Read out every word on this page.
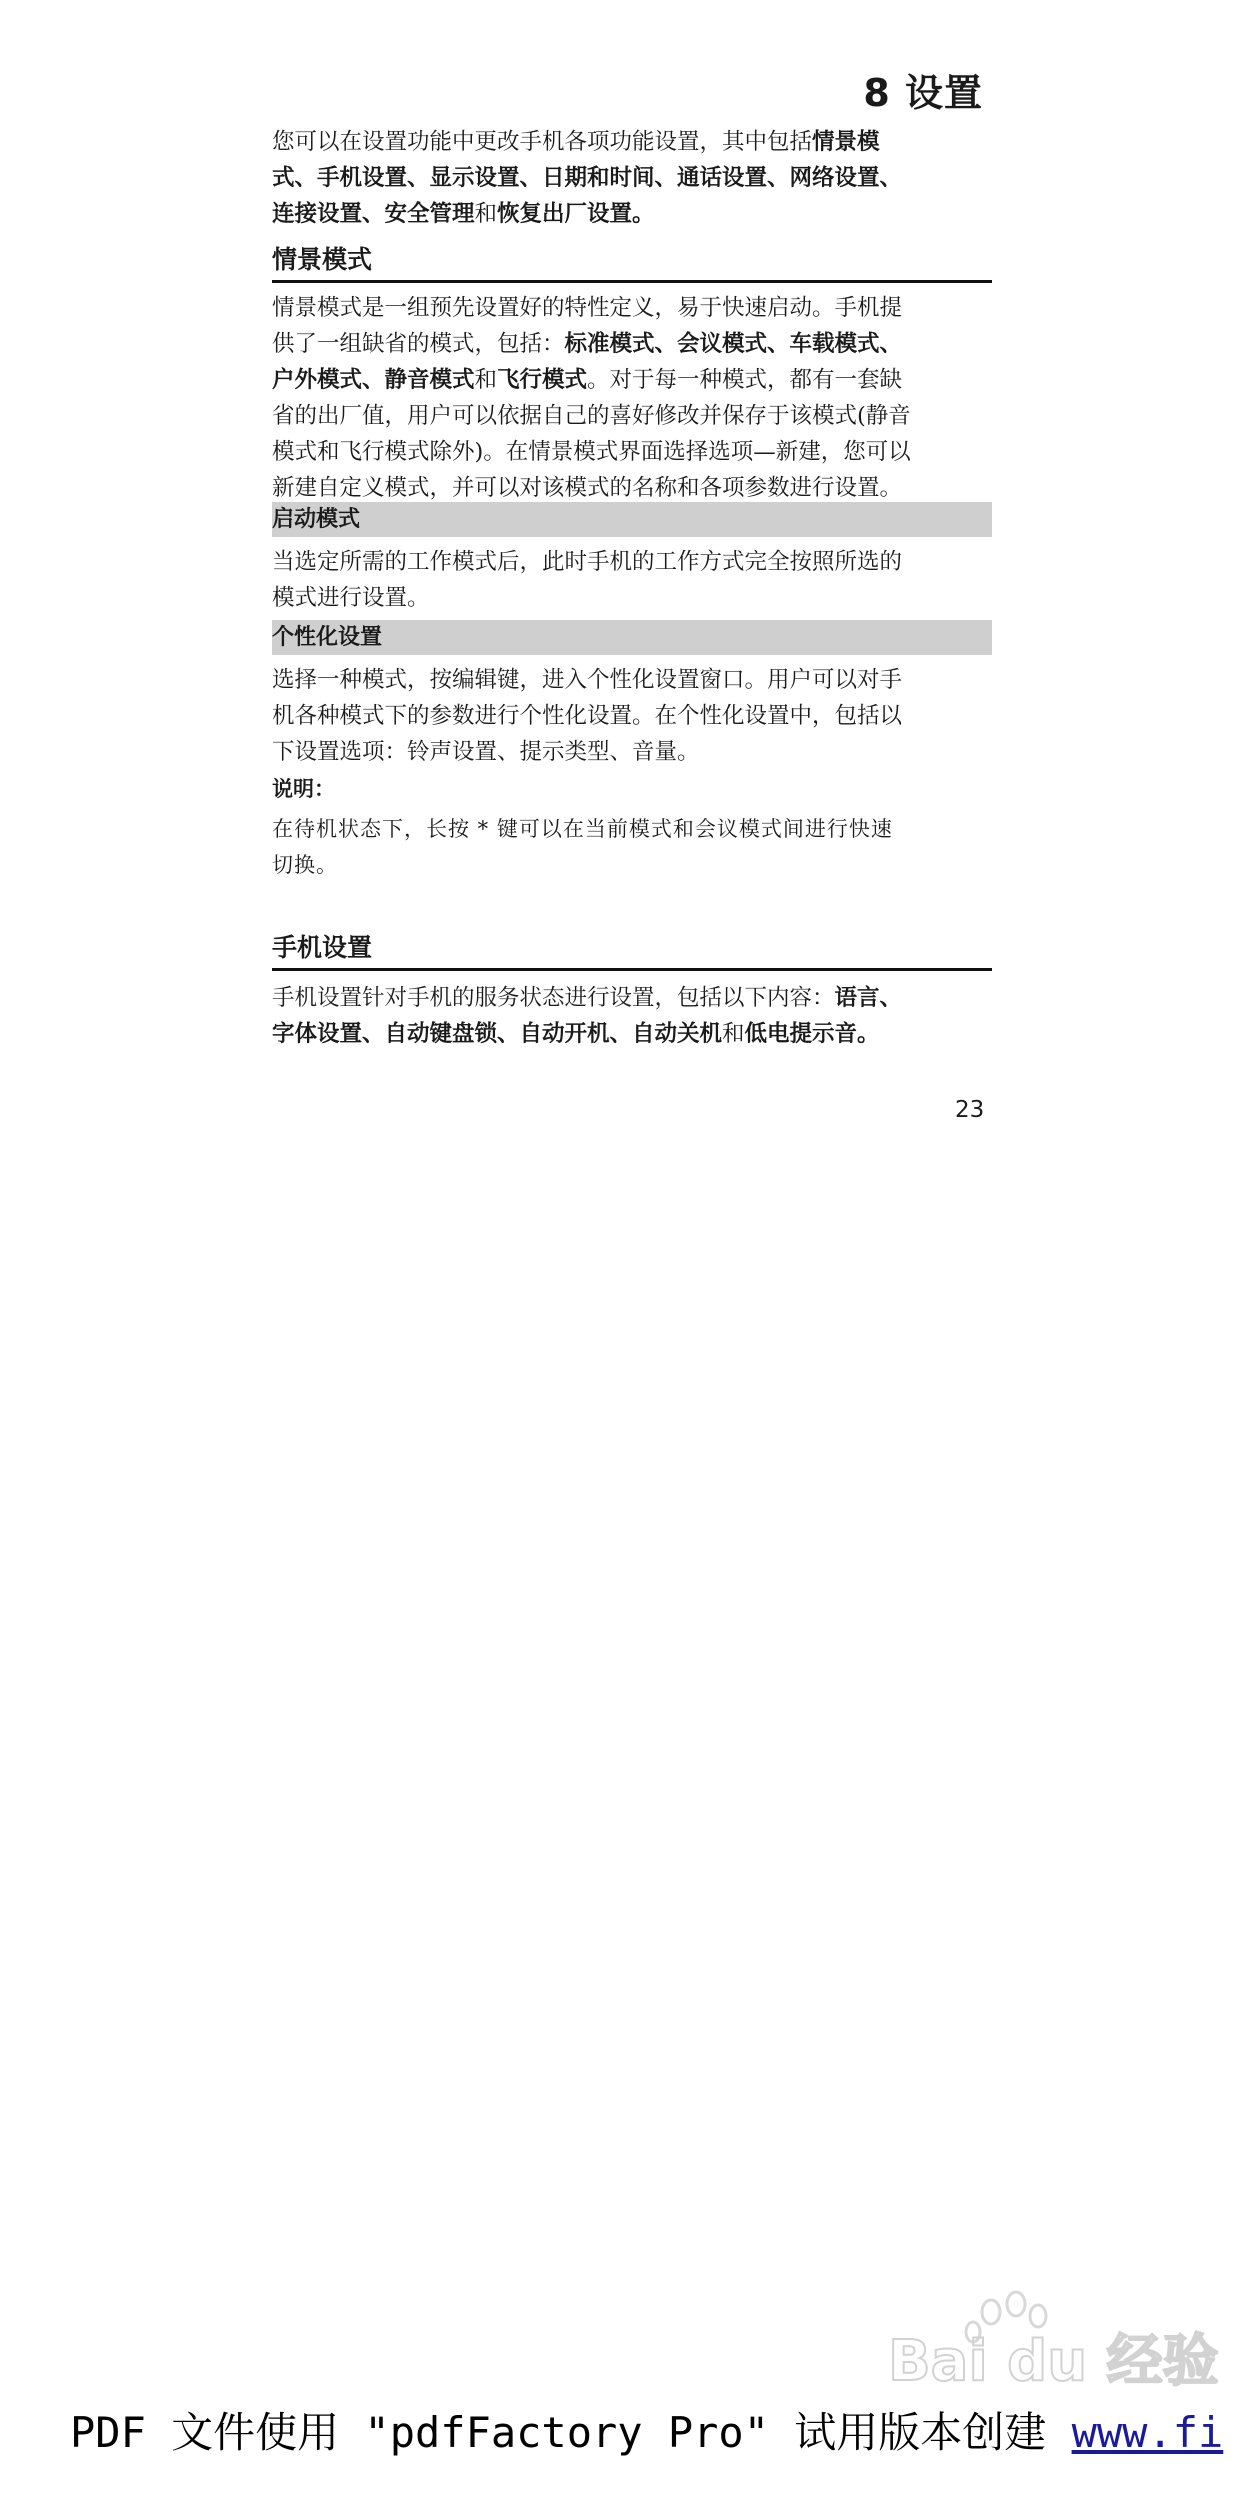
8 设置
您可以在设置功能中更改手机各项功能设置，其中包括情景模
式、手机设置、显示设置、日期和时间、通话设置、网络设置、
连接设置、安全管理和恢复出厂设置。
情景模式
情景模式是一组预先设置好的特性定义，易于快速启动。手机提
供了一组缺省的模式，包括：标准模式、会议模式、车载模式、
户外模式、静音模式和飞行模式。对于每一种模式，都有一套缺
省的出厂值，用户可以依据自己的喜好修改并保存于该模式(静音
模式和飞行模式除外)。在情景模式界面选择选项—新建，您可以
新建自定义模式，并可以对该模式的名称和各项参数进行设置。
启动模式
当选定所需的工作模式后，此时手机的工作方式完全按照所选的
模式进行设置。
个性化设置
选择一种模式，按编辑键，进入个性化设置窗口。用户可以对手
机各种模式下的参数进行个性化设置。在个性化设置中，包括以
下设置选项：铃声设置、提示类型、音量。
说明：
在待机状态下，长按 * 键可以在当前模式和会议模式间进行快速
切换。
手机设置
手机设置针对手机的服务状态进行设置，包括以下内容：语言、
字体设置、自动键盘锁、自动开机、自动关机和低电提示音。
23
Bai du 经验
PDF 文件使用 "pdfFactory Pro" 试用版本创建 www.fi
